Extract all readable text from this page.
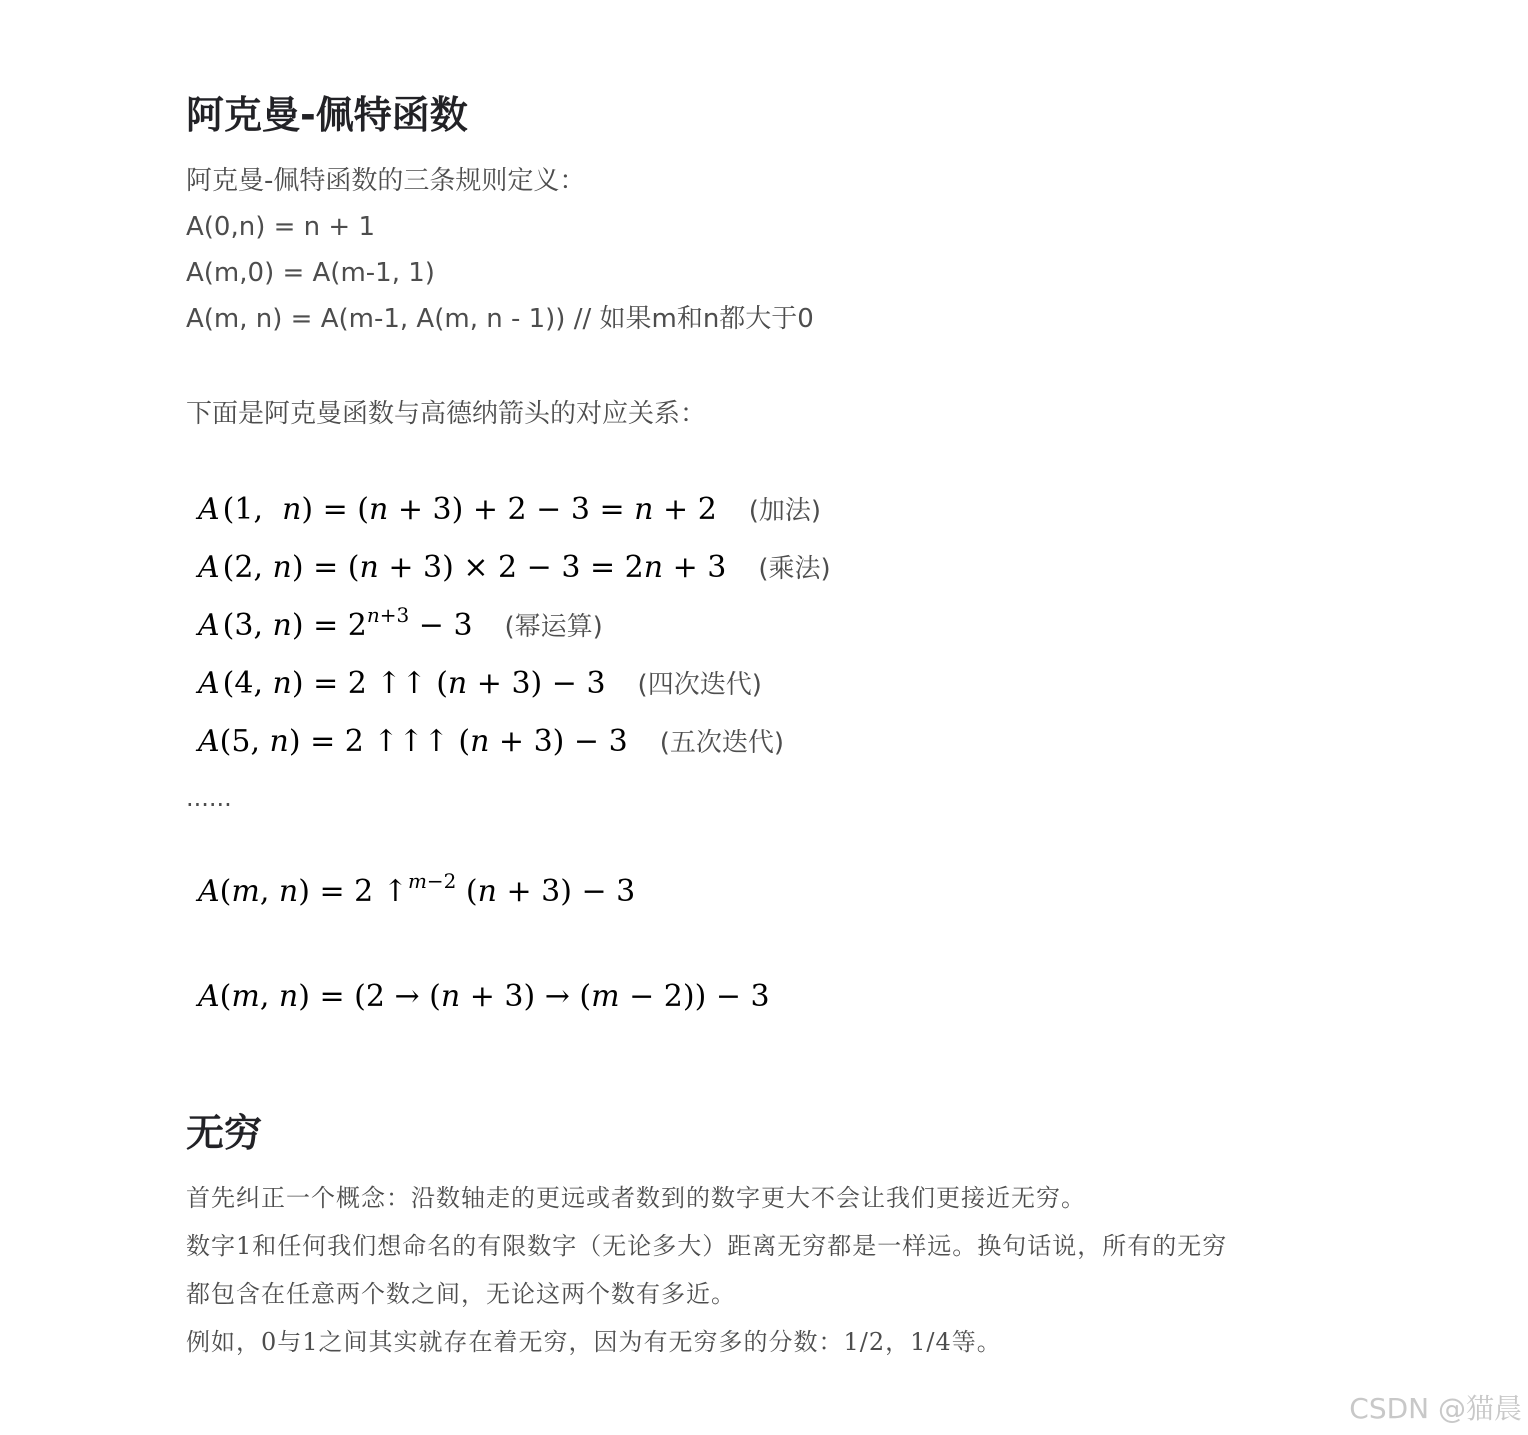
阿克曼-佩特函数
阿克曼-佩特函数的三条规则定义：
A(0,n) = n + 1
A(m,0) = A(m-1, 1)
A(m, n) = A(m-1, A(m, n - 1)) // 如果m和n都大于0
下面是阿克曼函数与高德纳箭头的对应关系：
A (1,  n) = (n + 3) + 2 − 3 = n + 2 (加法)
A (2, n) = (n + 3) × 2 − 3 = 2n + 3 (乘法)
A (3, $n) = 2^{n+3} - 3$ (幂运算)
A (4, n) = 2 ↑↑ (n + 3) − 3 (四次迭代)
A(5, n) = 2 ↑↑↑ (n + 3) − 3 (五次迭代)
......
A(m, n) = 2 ↑$^{m-2}$ (n + 3) − 3
A(m, n) = (2 → (n + 3) → (m − 2)) − 3
无穷
首先纠正一个概念：沿数轴走的更远或者数到的数字更大不会让我们更接近无穷。
数字1和任何我们想命名的有限数字（无论多大）距离无穷都是一样远。换句话说，所有的无穷
都包含在任意两个数之间，无论这两个数有多近。
例如，0与1之间其实就存在着无穷，因为有无穷多的分数：1/2，1/4等。
CSDN @猫晨
